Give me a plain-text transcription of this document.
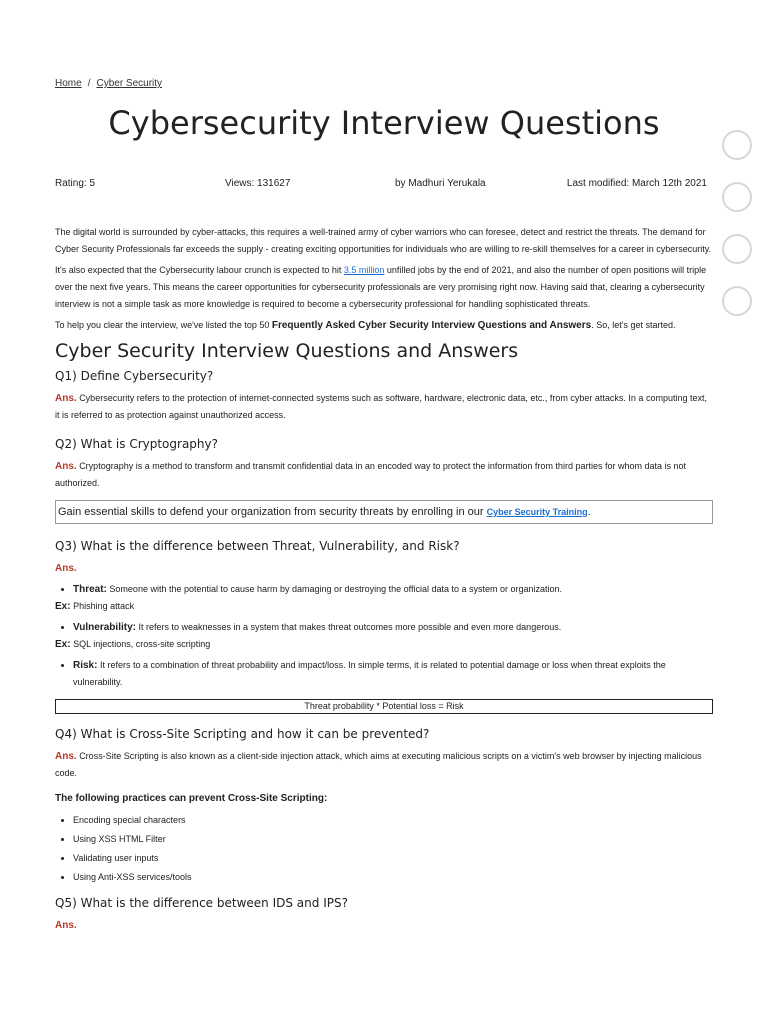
Home / Cyber Security
Cybersecurity Interview Questions
Rating: 5	Views: 131627	by Madhuri Yerukala	Last modified: March 12th 2021

The digital world is surrounded by cyber-attacks, this requires a well-trained army of cyber warriors who can foresee, detect and restrict the threats. The demand for Cyber Security Professionals far exceeds the supply - creating exciting opportunities for individuals who are willing to re-skill themselves for a career in cybersecurity.

It's also expected that the Cybersecurity labour crunch is expected to hit 3.5 million unfilled jobs by the end of 2021, and also the number of open positions will triple over the next five years. This means the career opportunities for cybersecurity professionals are very promising right now. Having said that, clearing a cybersecurity interview is not a simple task as more knowledge is required to become a cybersecurity professional for handling sophisticated threats.

To help you clear the interview, we've listed the top 50 Frequently Asked Cyber Security Interview Questions and Answers. So, let's get started.

Cyber Security Interview Questions and Answers
Q1) Define Cybersecurity?

Ans. Cybersecurity refers to the protection of internet-connected systems such as software, hardware, electronic data, etc., from cyber attacks. In a computing text, it is referred to as protection against unauthorized access.

Q2) What is Cryptography?

Ans. Cryptography is a method to transform and transmit confidential data in an encoded way to protect the information from third parties for whom data is not authorized.

Gain essential skills to defend your organization from security threats by enrolling in our Cyber Security Training.
Q3) What is the difference between Threat, Vulnerability, and Risk?

Ans.

• Threat: Someone with the potential to cause harm by damaging or destroying the official data to a system or organization.

Ex: Phishing attack

• Vulnerability: It refers to weaknesses in a system that makes threat outcomes more possible and even more dangerous.

Ex: SQL injections, cross-site scripting

• Risk: It refers to a combination of threat probability and impact/loss. In simple terms, it is related to potential damage or loss when threat exploits the vulnerability.
Threat probability * Potential loss = Risk
Q4) What is Cross-Site Scripting and how it can be prevented?

Ans. Cross-Site Scripting is also known as a client-side injection attack, which aims at executing malicious scripts on a victim's web browser by injecting malicious code.

The following practices can prevent Cross-Site Scripting:

• Encoding special characters
• Using XSS HTML Filter
• Validating user inputs
• Using Anti-XSS services/tools
Q5) What is the difference between IDS and IPS?

Ans.
